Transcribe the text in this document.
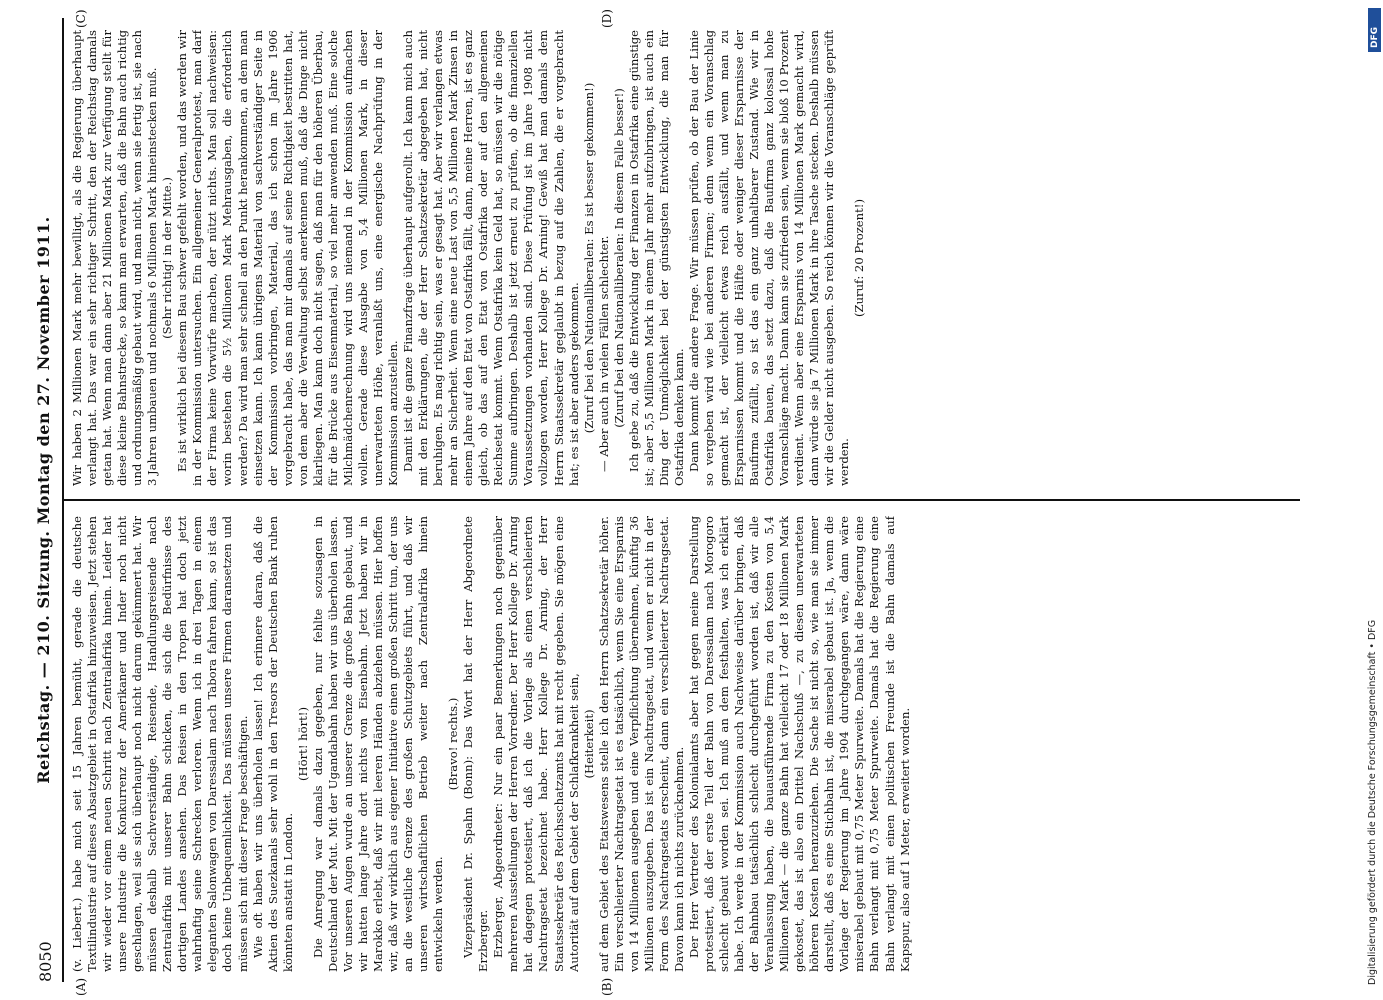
8050
Reichstag. — 210. Sitzung. Montag den 27. November 1911.
(A)	(B)
(C)	(D)

(v. Liebert.) habe mich seit 15 Jahren bemüht, gerade die deutsche Textilindustrie auf dieses Absatzgebiet in Ostafrika hinzuweisen. Jetzt stehen wir wieder vor einem neuen Schritt nach Zentralafrika hinein. Leider hat unsere Industrie die Konkurrenz der Amerikaner und Inder noch nicht geschlagen, weil sie sich überhaupt noch nicht darum gekümmert hat. Wir müssen deshalb Sachverständige, Reisende, Handlungsreisende nach Zentralafrika mit unserer Bahn schicken, die sich die Bedürfnisse des dortigen Landes ansehen. Das Reisen in den Tropen hat doch jetzt wahrhaftig seine Schrecken verloren. Wenn ich in drei Tagen in einem eleganten Salonwagen von Daressalam nach Tabora fahren kann, so ist das doch keine Unbequemlichkeit. Das müssen unsere Firmen daransetzen und müssen sich mit dieser Frage beschäftigen. Wie oft haben wir uns überholen lassen! Ich erinnere daran, daß die Aktien des Suezkanals sehr wohl in den Tresors der Deutschen Bank ruhen könnten anstatt in London.

(Hört! hört!) Die Anregung war damals dazu gegeben, nur fehlte sozusagen in Deutschland der Mut. Mit der Ugandabahn haben wir uns überholen lassen. Vor unseren Augen wurde an unserer Grenze die große Bahn gebaut, und wir hatten lange Jahre dort nichts von Eisenbahn. Jetzt haben wir in Marokko erlebt, daß wir mit leeren Händen abziehen müssen. Hier hoffen wir, daß wir wirklich aus eigener Initiative einen großen Schritt tun, der uns an die westliche Grenze des großen Schutzgebiets führt, und daß wir unseren wirtschaftlichen Betrieb weiter nach Zentralafrika hinein entwickeln werden.

(Bravo! rechts.) Vizepräsident Dr. Spahn (Bonn): Das Wort hat der Herr Abgeordnete Erzberger. Erzberger, Abgeordneter: Nur ein paar Bemerkungen noch gegenüber mehreren Ausstellungen der Herren Vorredner. Der Herr Kollege Dr. Arning hat dagegen protestiert, daß ich die Vorlage als einen verschleierten Nachtragsetat bezeichnet habe. Herr Kollege Dr. Arning, der Herr Staatssekretär des Reichsschatzamts hat mit recht gegeben. Sie mögen eine Autorität auf dem Gebiet der Schlafkrankheit sein, (Heiterkeit) auf dem Gebiet des Etatswesens stelle ich den Herrn Schatzsekretär höher. Ein verschleierter Nachtragsetat ist es tatsächlich, wenn Sie eine Ersparnis von 14 Millionen ausgeben und eine Verpflichtung übernehmen, künftig 36 Millionen auszugeben. Das ist ein Nachtragsetat, und wenn er nicht in der Form des Nachtragsetats erscheint, dann ein verschleierter Nachtragsetat. Davon kann ich nichts zurücknehmen. Der Herr Vertreter des Kolonialamts aber hat gegen meine Darstellung protestiert, daß der erste Teil der Bahn von Daressalam nach Morogoro schlecht gebaut worden sei. Ich muß an dem festhalten, was ich erklärt habe. Ich werde in der Kommission auch Nachweise darüber bringen, daß der Bahnbau tatsächlich schlecht durchgeführt worden ist, daß wir alle Veranlassung haben, die bauausführende Firma zu den Kosten von 5,4 Millionen Mark — die ganze Bahn hat vielleicht 17 oder 18 Millionen Mark gekostet, das ist also ein Drittel Nachschuß —, zu diesen unerwarteten höheren Kosten heranzuziehen. Die Sache ist nicht so, wie man sie immer darstellt, daß es eine Stichbahn ist, die miserabel gebaut ist. Ja, wenn die Vorlage der Regierung im Jahre 1904 durchgegangen wäre, dann wäre miserabel gebaut mit 0,75 Meter Spurweite. Damals hat die Regierung eine Bahn verlangt mit 0,75 Meter Spurweite. Damals hat die Regierung eine Bahn verlangt mit einen politischen Freunde ist die Bahn damals auf Kapspur, also auf 1 Meter, erweitert worden.

Wir haben 2 Millionen Mark mehr bewilligt, als die Regierung überhaupt verlangt hat. Das war ein sehr richtiger Schritt, den der Reichstag damals getan hat. Wenn man dann aber 21 Millionen Mark zur Verfügung stellt für diese kleine Bahnstrecke, so kann man erwarten, daß die Bahn auch richtig und ordnungsmäßig gebaut wird, und man nicht, wenn sie fertig ist, sie nach 3 Jahren umbauen und nochmals 6 Millionen Mark hineinstecken muß. (Sehr richtig! in der Mitte.) Es ist wirklich bei diesem Bau schwer gefehlt worden, und das werden wir in der Kommission untersuchen. Ein allgemeiner Generalprotest, man darf der Firma keine Vorwürfe machen, der nützt nichts. Man soll nachweisen: worin bestehen die 5½ Millionen Mark Mehrausgaben, die erforderlich werden? Da wird man sehr schnell an den Punkt herankommen, an dem man einsetzen kann. Ich kann übrigens Material von sachverständiger Seite in der Kommission vorbringen, Material, das ich schon im Jahre 1906 vorgebracht habe, das man mir damals auf seine Richtigkeit bestritten hat, von dem aber die Verwaltung selbst anerkennen muß, daß die Dinge nicht klarliegen. Man kann doch nicht sagen, daß man für den höheren Überbau, für die Brücke aus Eisenmaterial, so viel mehr anwenden muß. Eine solche Milchmädchenrechnung wird uns niemand in der Kommission aufmachen wollen. Gerade diese Ausgabe von 5,4 Millionen Mark, in dieser unerwarteten Höhe, veranlaßt uns, eine energische Nachprüfung in der Kommission anzustellen. Damit ist die ganze Finanzfrage überhaupt aufgerollt. Ich kann mich auch mit den Erklärungen, die der Herr Schatzsekretär abgegeben hat, nicht beruhigen. Es mag richtig sein, was er gesagt hat. Aber wir verlangen etwas mehr an Sicherheit. Wenn eine neue Last von 5,5 Millionen Mark Zinsen in einem Jahre auf den Etat von Ostafrika fällt, dann, meine Herren, ist es ganz gleich, ob das auf den Etat von Ostafrika oder auf den allgemeinen Reichsetat kommt. Wenn Ostafrika kein Geld hat, so müssen wir die nötige Summe aufbringen. Deshalb ist jetzt erneut zu prüfen, ob die finanziellen Voraussetzungen vorhanden sind. Diese Prüfung ist im Jahre 1908 nicht vollzogen worden, Herr Kollege Dr. Arning! Gewiß hat man damals dem Herrn Staatssekretär geglaubt in bezug auf die Zahlen, die er vorgebracht hat; es ist aber anders gekommen. (Zuruf bei den Nationalliberalen: Es ist besser gekommen!) — Aber auch in vielen Fällen schlechter. (Zuruf bei den Nationalliberalen: In diesem Falle besser!) Ich gebe zu, daß die Entwicklung der Finanzen in Ostafrika eine günstige ist; aber 5,5 Millionen Mark in einem Jahr mehr aufzubringen, ist auch ein Ding der Unmöglichkeit bei der günstigsten Entwicklung, die man für Ostafrika denken kann. Dann kommt die andere Frage. Wir müssen prüfen, ob der Bau der Linie so vergeben wird wie bei anderen Firmen; denn wenn ein Voranschlag gemacht ist, der vielleicht etwas reich ausfällt, und wenn man zu Ersparnissen kommt und die Hälfte oder weniger dieser Ersparnisse der Baufirma zufällt, so ist das ein ganz unhaltbarer Zustand. Wie wir in Ostafrika bauen, das setzt dazu, daß die Baufirma ganz kolossal hohe Voranschläge macht. Dann kann sie zufrieden sein, wenn sie bloß 10 Prozent verdient. Wenn aber eine Ersparnis von 14 Millionen Mark gemacht wird, dann würde sie ja 7 Millionen Mark in ihre Tasche stecken. Deshalb müssen wir die Gelder nicht ausgeben. So reich können wir die Voranschläge geprüft werden.

(Zuruf: 20 Prozent!)

DFG
Digitalisierung gefördert durch die Deutsche Forschungsgemeinschaft • DFG
